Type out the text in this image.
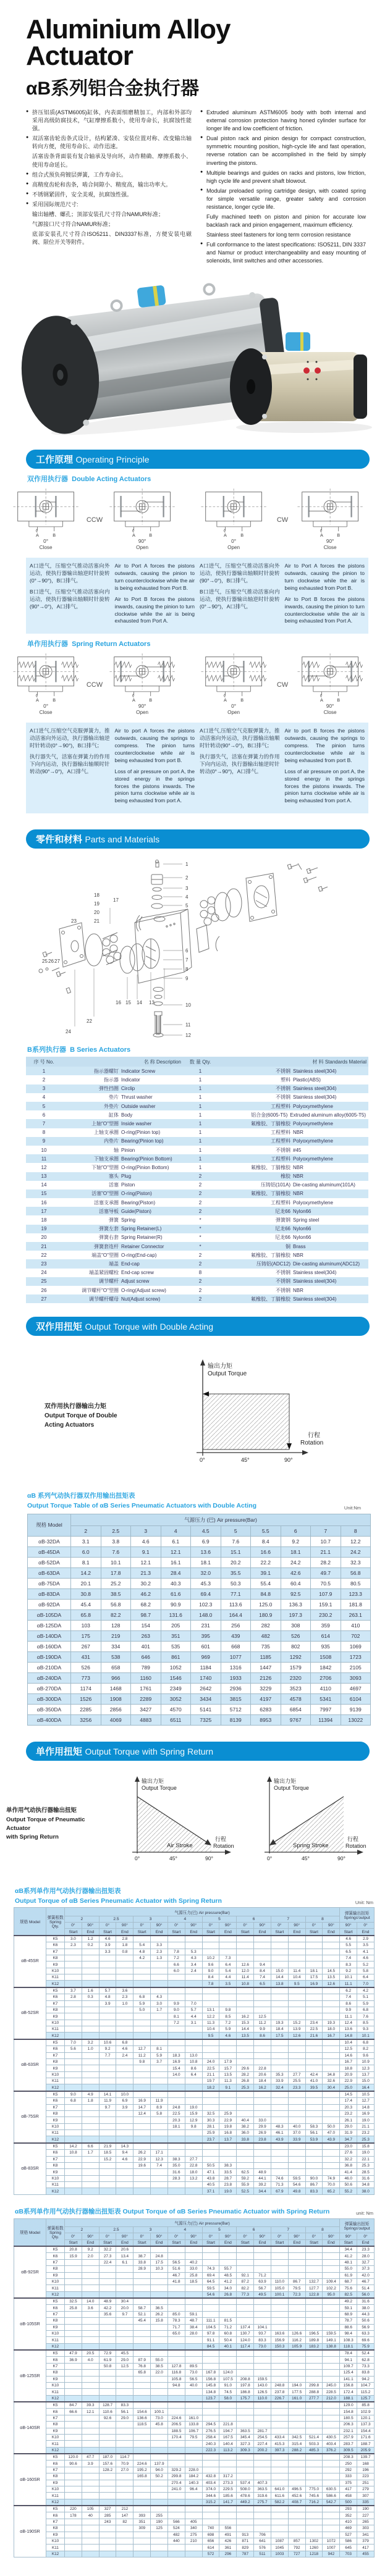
Aluminium Alloy
Actuator
αB系列铝合金执行器
● 挤压铝质(ASTM6005)缸体，内表面细磨精加工，内部和外部均采用高级防腐技术，气缸摩擦系数小，使用寿命长，抗腐蚀性能强。
● 双活塞齿轮齿条式设计，结构紧凑、安装位置对称、改变输出轴转向方便，使用寿命长、动作迅速。
活塞齿条背面装有复合轴承及导向环，动作精确、摩擦系数小、使用寿命延长。
● 组合式预负荷镀层弹簧，工作寿命长。
● 高精度齿轮和齿条，啮合间隙小、精度高，输出功率大。
● 不锈钢紧固件，安全美观，抗腐蚀性强。
● 采用国际规范尺寸:
输出轴槽、螺孔；顶部安装孔尺寸符合NAMUR标准；
气源接口尺寸符合NAMUR标准；
底部安装孔尺寸符合ISO5211、DIN3337标准，方便安装电磁阀、限位开关等附件。
● Extruded aluminum ASTM6005 body with both internal and external corrosion protection having honed cylinder surface for longer life and low coefficient of friction.
● Dual piston rack and pinion design for compact construction, symmetric mounting position, high-cycle life and fast operation, reverse rotation can be accomplished in the field by simply inverting the pistons.
● Multiple bearings and guides on racks and pistons, low friction, high cycle life and prevent shaft blowout.
● Modular preloaded spring cartridge design, with coated spring for simple versatile range, greater safety and corrosion resistance, longer cycle life.
Fully machined teeth on piston and pinion for accurate low backlash rack and pinion engagement, maximum efficiency.
Stainless steel fasteners for long term corrosion resistance
● Full conformance to the latest specifications: ISO5211, DIN 3337 and Namur or product interchangeability and easy mounting of solenoids, limit switches and other accessories.
工作原理 Operating Principle
双作用执行器 Double Acting Actuators
A	B
0°
Close
CCW
A	B
90°
Open
A	B
0°
Open
CW
A	B
90°
Close

A口进气，压缩空气推动活塞向外运动，使执行器输出轴逆时针旋转(0°→90°)，B口排气。

B口进气，压缩空气推动活塞向内运动，使执行器输出轴顺时针旋转(90°→0°)，A口排气。

Air to Port A forces the pistons outwards, causing the pinion to turn counterclockwise while the air is being exhausted from Port B.

Air to Port B forces the pistons inwards, causing the pinion to turn clockwise while the air is being exhausted from Port A.

A口进气，压缩空气推动活塞向外运动，使执行器输出轴顺时针旋转(90°→0°)，B口排气。

B口进气，压缩空气推动活塞向内运动，使执行器输出轴逆时针旋转(0°→90°)，A口排气。

Air to Port A forces the pistons outwards, causing the pinion to turn clockwise while the air is being exhausted from Port B.

Air to Port B forces the pistons inwards, causing the pinion to turn counterclockwise while the air is being exhausted from Port A.

单作用执行器 Spring Return Actuators
A	B
0°
Close
CCW
A	B
90°
Open
A	B
0°
Open
CW
A	B
90°
Close

A口进气,压缩空气克服弹簧力，推动活塞向外运动，执行器输出轴逆时针转动(0°→90°)，B口排气；

执行器失气，活塞在弹簧力的作用下向内运动，执行器输出轴顺时针转动(90°→0°)，A口排气。

Air to port A forces the pistons outwards, causing the springs to compress. The pinion turns counterclockwise while air is being exhausted from port B.

Loss of air pressure on port A, the stored energy in the springs forces the pistons inwards. The pinion turns clockwise while air is being exhausted from port A.

A口进气,压缩空气克服弹簧力，推动活塞向外运动，执行器输出轴顺时针转动(90°→0°)，B口排气；

执行器失气，活塞在弹簧力的作用下向内运动，执行器输出轴逆时针转动(0°→90°)，A口排气。

Air to port B forces the pistons outwards, causing the springs to compress. The pinion turns counterclockwise while air is being exhausted from port B.

Loss of air pressure on port A, the stored energy in the springs forces the pistons inwards. The pinion turns clockwise while air is being exhausted from port A.

零件和材料 Parts and Materials
1
2
3
4
5
6
7
8
9
10
11
12
13
14
15
16
17
18
19
20
21
22
23
24
25 26 27
B系列执行器 B Series Actuators
序 号 No.	名 称 Description	数 量 Qty.	材 料 Standards Material
1	指示器螺钉 Indicator Screw	1	不锈钢 Stainless steel(304)
2	指示器 Indicator	1	塑料 Plastic(ABS)
3	弹性挡圈 Circlip	1	不锈钢 Stainless steel(304)
4	垫片 Thrust washer	1	不锈钢 Stainless steel(304)
5	外垫片 Outside washer	1	工程塑料 Polyoxymethylene
6	缸体 Body	1	铝合金(6005-T5) Extruded aluminum alloy(6005-T5)
7	上轴"O"型圈 Inside washer	1	氟橡胶、丁腈橡胶 Polyoxymethylene
8	上轴支承圈 O-ring(Pinion top)	1	工程塑料 NBR
9	内垫片 Bearing(Pinion top)	1	工程塑料 Polyoxymethylene
10	轴 Pinion	1	不锈钢 #45
11	下轴支承圈 Bearing(Pinion Bottom)	1	工程塑料 Polyoxymethylene
12	下轴"O"型圈 O-ring(Pinion Bottom)	1	氟橡胶、丁腈橡胶 NBR
13	塞头 Plug	2	橡胶 NBR
14	活塞 Piston	2	压铸铝(101A) Die-casting aluminum(101A)
15	活塞"O"型圈 O-ring(Piston)	2	氟橡胶、丁腈橡胶 NBR
16	活塞支承圈 Bearing(Piston)	2	工程塑料 Polyoxymethylene
17	活塞导板 Guide(Piston)	2	尼龙66 Nylon66
18	弹簧 Spring	*	弹簧钢 Spring steel
19	弹簧左套 Spring Retainer(L)	*	尼龙66 Nylon66
20	弹簧右套 Spring Retainer(R)	*	尼龙66 Nylon66
21	弹簧套连杆 Retainer Connector	*	铜 Brass
22	端盖"O"型圈 O-ring(End-cap)	2	氟橡胶、丁腈橡胶 NBR
23	端盖 End-cap	2	压铸铝(ADC12) Die-casting aluminum(ADC12)
24	端盖紧固螺栓 End-cap screw	8	不锈钢 Stainless steel(304)
25	调节螺杆 Adjust screw	2	不锈钢 Stainless steel(304)
26	调节螺杆"O"型圈 O-ring(Adjust screw)	2	不锈钢 NBR
27	调节螺杆螺母 Nut(Adjust screw)	2	氟橡胶、丁腈橡胶 Stainless steel(304)
双作用扭矩 Output Torque with Double Acting
双作用执行器输出力矩
Output Torque of Double
Acting Actuators
输出力矩
Output Torque
行程
Rotation
0°	45°	90°
αB 系列气动执行器双作用输出扭矩表
Output Torque Table of αB Series Pneumatic Actuators with Double Acting	Unit:Nm
规格 Model	气源压力 (巴) Air pressure(Bar)									
	2	2.5	3	4	4.5	5	5.5	6	7	8
αB-32DA	3.1	3.8	4.6	6.1	6.9	7.6	8.4	9.2	10.7	12.2
αB-45DA	6.0	7.6	9.1	12.1	13.6	15.1	16.6	18.1	21.1	24.2
αB-52DA	8.1	10.1	12.1	16.1	18.1	20.2	22.2	24.2	28.2	32.3
αB-63DA	14.2	17.8	21.3	28.4	32.0	35.5	39.1	42.6	49.7	56.8
αB-75DA	20.1	25.2	30.2	40.3	45.3	50.3	55.4	60.4	70.5	80.5
αB-83DA	30.8	38.5	46.2	61.6	69.4	77.1	84.8	92.5	107.9	123.3
αB-92DA	45.4	56.8	68.2	90.9	102.3	113.6	125.0	136.3	159.1	181.8
αB-105DA	65.8	82.2	98.7	131.6	148.0	164.4	180.9	197.3	230.2	263.1
αB-125DA	103	128	154	205	231	256	282	308	359	410
αB-140DA	175	219	263	351	395	439	482	526	614	702
αB-160DA	267	334	401	535	601	668	735	802	935	1069
αB-190DA	431	538	646	861	969	1077	1185	1292	1508	1723
αB-210DA	526	658	789	1052	1184	1316	1447	1579	1842	2105
αB-240DA	773	966	1160	1546	1740	1933	2126	2320	2706	3093
αB-270DA	1174	1468	1761	2349	2642	2936	3229	3523	4110	4697
αB-300DA	1526	1908	2289	3052	3434	3815	4197	4578	5341	6104
αB-350DA	2285	2856	3427	4570	5141	5712	6283	6854	7997	9139
αB-400DA	3256	4069	4883	6511	7325	8139	8953	9767	11394	13022
单作用扭矩 Output Torque with Spring Return
单作用气动执行器输出扭矩
Output Torque of Pneumatic Actuator
with Spring Return
输出力矩
Output Torque
Air Stroke
行程
Rotation
0°	45°	90°
输出力矩
Output Torque
Spring Stroke
行程
Rotation
0°	45°	90°
αB系列单作用气动执行器输出扭矩表
Output Torque of αB Series Pneumatic Actuator with Spring Return	Unit: Nm
规格 Model	弹簧根数 Spring Qty.	气源压力(巴) Air pressure(Bar)																弹簧输出扭矩 Springs'output	
		2		2.5		3		4		5		6		7		8			
		0°	90°	0°	90°	0°	90°	0°	90°	0°	90°	0°	90°	0°	90°	0°	90°	90°	0°
		Start	End	Start	End	Start	End	Start	End	Start	End	Start	End	Start	End	Start	End	Start	End
αB-45SR	K5	3.0	1.2	4.6	2.8													4.6	2.9
	K6	2.3	0.2	3.9	1.8	5.4	3.3											5.5	3.5
	K7			3.3	0.8	4.8	2.3	7.8	5.3									6.5	4.1
	K8					4.2	1.3	7.2	4.3	10.2	7.3							7.4	4.6
	K9							6.6	3.4	9.6	6.4	12.6	9.4					8.3	5.2
	K10							6.0	2.4	9.0	5.4	12.0	8.4	15.0	11.4	18.1	14.5	9.2	5.8
	K11									8.4	4.4	11.4	7.4	14.4	10.4	17.5	13.5	10.1	6.4
	K12									7.8	3.5	10.8	6.5	13.8	9.5	16.9	12.6	11.1	7.0
αB-52SR	K5	3.7	1.6	5.7	3.6													6.2	4.2
	K6	2.8	0.3	4.8	2.3	6.8	4.3											7.4	5.1
	K7			3.9	1.0	5.9	3.0	9.9	7.0									8.6	5.9
	K8					5.0	1.7	9.0	5.7	13.1	9.8							9.9	6.8
	K9							8.1	4.4	12.2	8.5	16.2	12.5					11.1	7.6
	K10							7.2	3.1	11.3	7.2	15.3	11.2	19.3	15.2	23.4	19.3	12.4	8.5
	K11									10.4	5.9	14.4	9.9	18.4	13.9	22.5	18.0	13.6	9.3
	K12									9.5	4.6	13.5	8.6	17.5	12.6	21.6	16.7	14.8	10.1
αB-63SR	K5	7.0	3.2	10.6	6.8													10.4	6.8
	K6	5.6	1.0	9.2	4.6	12.7	8.1											12.5	8.2
	K7			7.7	2.4	11.2	5.9	18.3	13.0									14.6	9.6
	K8					9.8	3.7	16.9	10.8	24.0	17.9							16.7	10.9
	K9							15.4	8.6	22.5	15.7	29.6	22.8					18.8	12.3
	K10							14.0	6.4	21.1	13.5	28.2	20.6	35.3	27.7	42.4	34.8	20.9	13.7
	K11									19.7	11.3	26.8	18.4	33.9	25.5	41.0	32.6	22.9	15.0
	K12									18.2	9.1	25.3	16.2	32.4	23.3	39.5	30.4	25.0	16.4
αB-75SR	K5	9.0	4.9	14.1	10.0													14.5	10.5
	K6	6.8	1.8	11.9	6.9	16.9	11.9											17.4	12.7
	K7			9.7	3.9	14.7	8.9	24.8	19.0									20.3	14.8
	K8					12.4	5.8	22.5	15.9	32.5	25.9							23.2	16.9
	K9							20.3	12.9	30.3	22.9	40.4	33.0					26.1	19.0
	K10							18.1	9.8	28.1	19.8	38.2	29.9	48.3	40.0	58.3	50.0	29.0	21.1
	K11									25.9	16.8	36.0	26.9	46.1	37.0	56.1	47.0	31.9	23.2
	K12									23.7	13.7	33.8	23.8	43.9	33.9	53.9	43.9	34.7	25.3
αB-83SR	K5	14.2	6.6	21.9	14.3													23.0	15.8
	K6	10.8	1.7	18.5	9.4	26.2	17.1											27.6	19.0
	K7			15.2	4.6	22.9	12.3	38.3	27.7									32.2	22.1
	K8					19.6	7.4	35.0	22.8	50.5	38.3							36.8	25.3
	K9							31.6	18.0	47.1	33.5	62.5	48.9					41.4	28.5
	K10							28.3	13.2	43.8	28.7	59.2	44.1	74.6	59.5	90.0	74.9	46.0	31.6
	K11									40.5	23.8	55.9	39.2	71.3	54.6	86.7	70.0	50.6	34.8
	K12									37.1	19.0	52.5	34.4	67.9	49.8	83.3	65.2	55.2	38.0
αB系列单作用气动执行器输出扭矩表 Output Torque of αB Series Pneumatic Actuator with Spring Return	unit: Nm
规格 Model	弹簧根数 Spring Qty.	气源压力(巴) Air pressure(Bar)																弹簧输出扭矩 Springs'output	
		2		2.5		3		4		5		6		7		8			
		0°	90°	0°	90°	0°	90°	0°	90°	0°	90°	0°	90°	0°	90°	0°	90°	90°	0°
		Start	End	Start	End	Start	End	Start	End	Start	End	Start	End	Start	End	Start	End	Start	End
αB-92SR	K5	20.8	9.2	32.2	20.6													34.4	23.3
	K6	15.9	2.0	27.3	13.4	38.7	24.8											41.2	28.0
	K7			22.4	6.1	33.8	17.5	56.5	40.2									48.1	32.7
	K8					28.9	10.3	51.6	33.0	74.3	55.7							55.0	37.3
	K9							46.7	25.8	69.4	48.5	92.1	71.2					61.9	42.0
	K10							41.8	18.5	64.5	41.2	87.2	63.9	110.0	86.7	132.7	109.4	68.7	46.7
	K11									59.5	34.0	82.2	56.7	105.0	79.5	127.7	102.2	75.6	51.4
	K12									54.6	26.8	77.3	49.5	100.1	72.3	122.8	95.0	82.5	56.0
αB-105SR	K5	32.5	14.0	48.9	30.4													49.2	31.6
	K6	25.8	3.6	42.2	20.0	58.7	36.5											59.1	38.0
	K7			35.6	9.7	52.1	26.2	85.0	59.1									68.9	44.3
	K8					45.4	15.8	78.3	48.7	111.1	81.5							78.7	50.6
	K9							71.7	38.4	104.5	71.2	137.4	104.1					88.6	56.9
	K10							65.0	28.0	97.8	60.8	130.7	93.7	163.6	126.6	196.5	159.5	98.4	63.3
	K11									91.1	50.4	124.0	83.3	156.9	116.2	189.8	149.1	108.3	69.6
	K12									84.5	40.1	117.4	73.0	150.3	105.9	183.2	138.8	118.1	75.9
αB-125SR	K5	47.9	20.5	72.9	45.5													78.4	52.4
	K6	36.9	4.0	61.9	29.0	87.9	55.0											94.1	62.8
	K7			50.8	12.5	76.8	38.5	127.8	89.5									109.7	73.3
	K8					65.8	22.0	116.8	73.0	167.8	124.0							125.4	83.8
	K9							105.8	56.5	156.8	107.5	208.8	159.5					141.1	94.2
	K10							94.8	40.0	145.8	91.0	197.8	143.0	248.8	194.0	299.8	245.0	156.8	104.7
	K11									134.8	74.5	186.8	126.5	237.8	177.5	288.8	228.5	172.4	115.2
	K12									123.7	58.0	175.7	110.0	226.7	161.0	277.7	212.0	188.1	125.7
αB-140SR	K5	84.7	39.3	128.7	83.3													129.0	85.8
	K6	66.6	12.1	110.6	56.1	154.6	100.1											154.8	102.9
	K7			92.6	29.0	136.6	73.0	224.6	161.0									180.5	120.1
	K8					118.5	45.8	206.5	133.8	294.5	221.8							206.3	137.3
	K9							188.5	106.7	276.5	194.7	363.5	281.7					232.1	154.4
	K10							170.4	79.5	258.4	167.5	345.4	254.5	433.4	342.5	521.4	430.5	257.9	171.6
	K11									240.3	140.4	327.3	227.4	415.3	315.4	503.3	403.4	283.7	188.7
	K12									222.3	113.2	309.3	200.2	397.3	288.2	485.3	376.2	309.5	205.9
αB-160SR	K5	120.0	47.7	187.0	114.7													208.3	139.7
	K6	90.6	3.9	157.6	70.9	224.6	137.9											250	168
	K7			128.2	27.0	195.2	94.0	329.2	228.0									292	196
	K8					165.8	50.2	299.8	184.2	432.8	317.2							333	223
	K9							270.4	140.3	403.4	273.3	537.4	407.3					375	251
	K10							241.0	96.4	374.0	229.5	508.0	363.5	641.0	496.5	775.0	630.5	417	279
	K11									344.6	185.6	478.6	319.6	611.6	452.6	745.6	586.6	458	307
	K12									315.2	141.7	449.2	275.7	582.2	408.7	716.2	542.7	500	335
αB-190SR	K5	220	105	327	212													293	190
	K6	178	40	285	147	393	255											352	227
	K7			243	82	351	190	566	405									410	265
	K8					309	125	524	340	740	556							469	303
	K9							482	275	698	491	913	706					527	341
	K10							440	210	656	426	871	641	1087	857	1302	1072	586	379
	K11									614	361	829	576	1045	792	1260	1007	645	417
	K12									572	296	787	511	1003	727	1218	942	703	455
